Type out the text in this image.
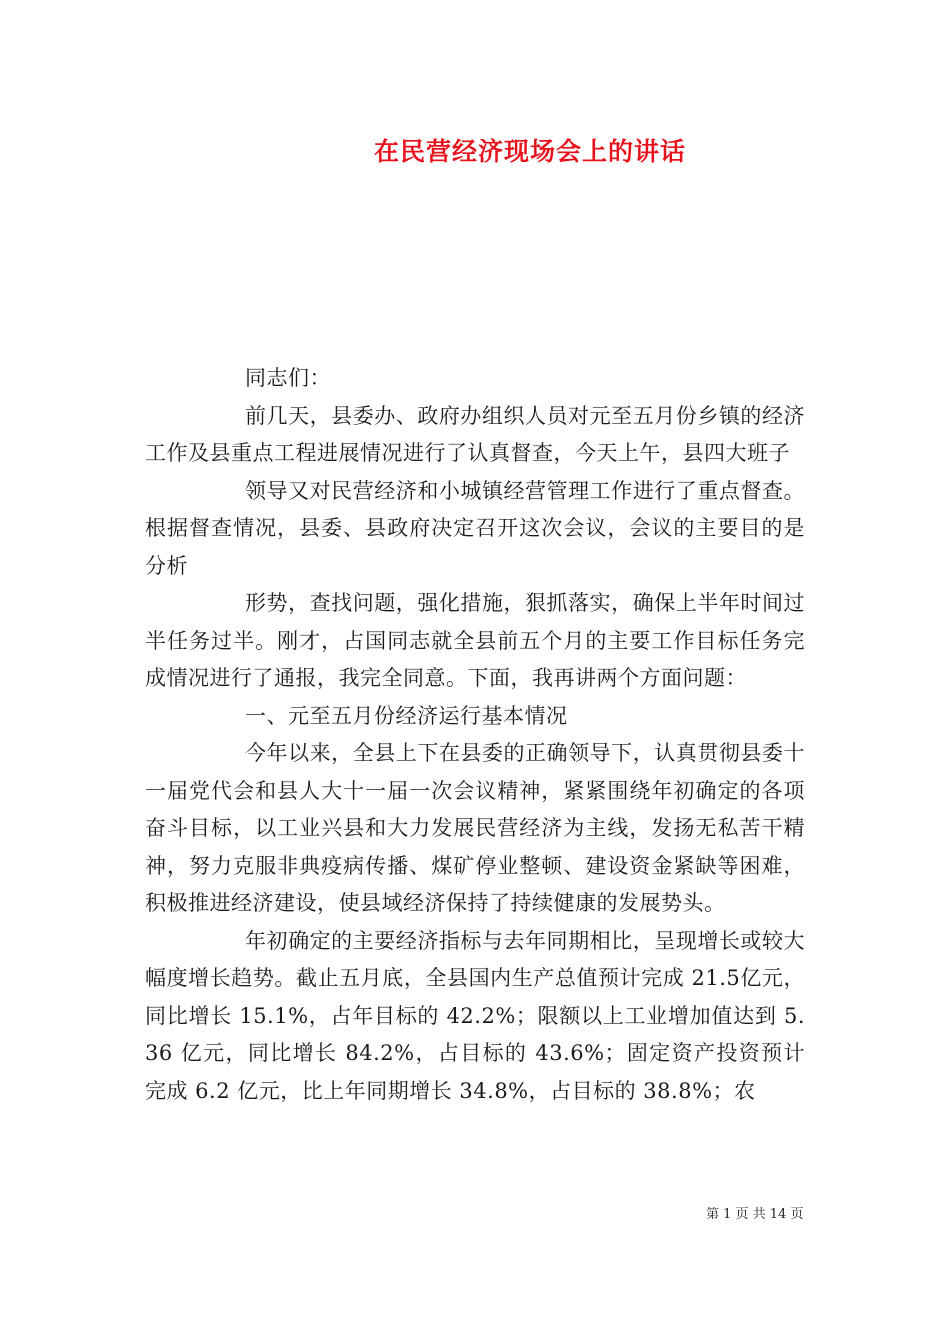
在民营经济现场会上的讲话

同志们：

前几天，县委办、政府办组织人员对元至五月份乡镇的经济工作及县重点工程进展情况进行了认真督查，今天上午，县四大班子

领导又对民营经济和小城镇经营管理工作进行了重点督查。根据督查情况，县委、县政府决定召开这次会议，会议的主要目的是分析

形势，查找问题，强化措施，狠抓落实，确保上半年时间过半任务过半。刚才，占国同志就全县前五个月的主要工作目标任务完成情况进行了通报，我完全同意。下面，我再讲两个方面问题：

一、元至五月份经济运行基本情况

今年以来，全县上下在县委的正确领导下，认真贯彻县委十一届党代会和县人大十一届一次会议精神，紧紧围绕年初确定的各项奋斗目标，以工业兴县和大力发展民营经济为主线，发扬无私苦干精神，努力克服非典疫病传播、煤矿停业整顿、建设资金紧缺等困难，积极推进经济建设，使县域经济保持了持续健康的发展势头。

年初确定的主要经济指标与去年同期相比，呈现增长或较大幅度增长趋势。截止五月底，全县国内生产总值预计完成 21.5亿元，同比增长 15.1%，占年目标的 42.2%；限额以上工业增加值达到 5.36 亿元，同比增长 84.2%，占目标的 43.6%；固定资产投资预计完成 6.2 亿元，比上年同期增长 34.8%，占目标的 38.8%；农

第 1 页 共 14 页
